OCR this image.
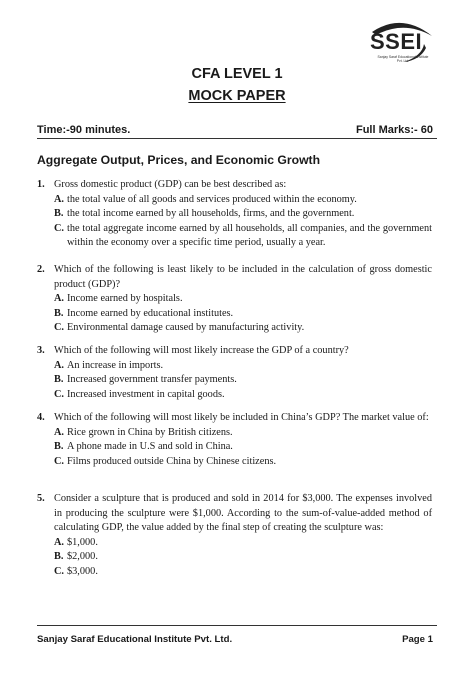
SSEI
Sanjay Saraf Educational Institute Pvt. Ltd.
CFA LEVEL 1
MOCK PAPER
Time:-90 minutes.	Full Marks:- 60
Aggregate Output, Prices, and Economic Growth
1. Gross domestic product (GDP) can be best described as:
A. the total value of all goods and services produced within the economy.
B. the total income earned by all households, firms, and the government.
C. the total aggregate income earned by all households, all companies, and the government within the economy over a specific time period, usually a year.
2. Which of the following is least likely to be included in the calculation of gross domestic product (GDP)?
A. Income earned by hospitals.
B. Income earned by educational institutes.
C. Environmental damage caused by manufacturing activity.
3. Which of the following will most likely increase the GDP of a country?
A. An increase in imports.
B. Increased government transfer payments.
C. Increased investment in capital goods.
4. Which of the following will most likely be included in China’s GDP? The market value of:
A. Rice grown in China by British citizens.
B. A phone made in U.S and sold in China.
C. Films produced outside China by Chinese citizens.
5. Consider a sculpture that is produced and sold in 2014 for $3,000. The expenses involved in producing the sculpture were $1,000. According to the sum-of-value-added method of calculating GDP, the value added by the final step of creating the sculpture was:
A. $1,000.
B. $2,000.
C. $3,000.
Sanjay Saraf Educational Institute Pvt. Ltd.	Page 1
